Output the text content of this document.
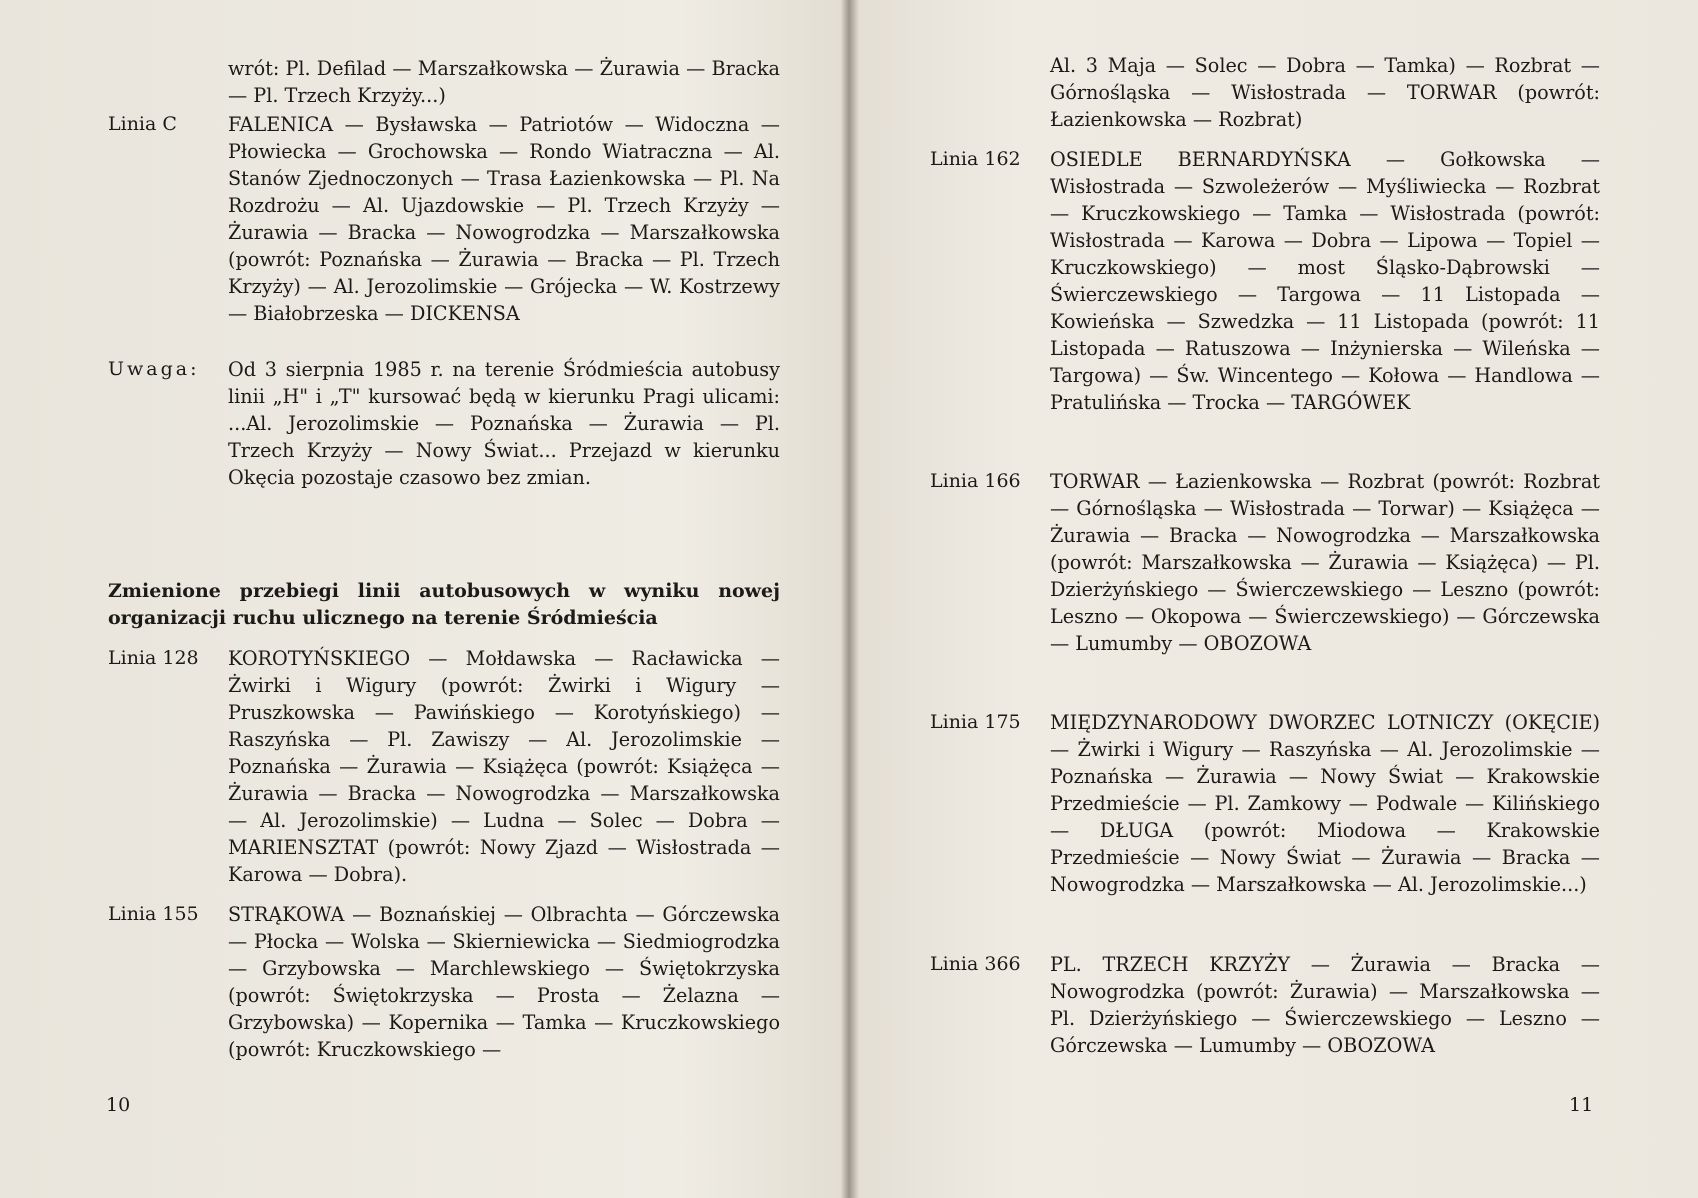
wrót: Pl. Defilad — Marszałkowska — Żurawia — Bracka — Pl. Trzech Krzyży...)
Linia C	FALENICA — Bysławska — Patriotów — Widoczna — Płowiecka — Grochowska — Rondo Wiatraczna — Al. Stanów Zjednoczonych — Trasa Łazienkowska — Pl. Na Rozdrożu — Al. Ujazdowskie — Pl. Trzech Krzyży — Żurawia — Bracka — Nowogrodzka — Marszałkowska (powrót: Poznańska — Żurawia — Bracka — Pl. Trzech Krzyży) — Al. Jerozolimskie — Grójecka — W. Kostrzewy — Białobrzeska — DICKENSA
Uwaga:	Od 3 sierpnia 1985 r. na terenie Śródmieścia autobusy linii „H" i „T" kursować będą w kierunku Pragi ulicami: ...Al. Jerozolimskie — Poznańska — Żurawia — Pl. Trzech Krzyży — Nowy Świat... Przejazd w kierunku Okęcia pozostaje czasowo bez zmian.
Zmienione przebiegi linii autobusowych w wyniku nowej organizacji ruchu ulicznego na terenie Śródmieścia
Linia 128	KOROTYŃSKIEGO — Mołdawska — Racławicka — Żwirki i Wigury (powrót: Żwirki i Wigury — Pruszkowska — Pawińskiego — Korotyńskiego) — Raszyńska — Pl. Zawiszy — Al. Jerozolimskie — Poznańska — Żurawia — Książęca (powrót: Książęca — Żurawia — Bracka — Nowogrodzka — Marszałkowska — Al. Jerozolimskie) — Ludna — Solec — Dobra — MARIENSZTAT (powrót: Nowy Zjazd — Wisłostrada — Karowa — Dobra).
Linia 155	STRĄKOWA — Boznańskiej — Olbrachta — Górczewska — Płocka — Wolska — Skierniewicka — Siedmiogrodzka — Grzybowska — Marchlewskiego — Świętokrzyska (powrót: Świętokrzyska — Prosta — Żelazna — Grzybowska) — Kopernika — Tamka — Kruczkowskiego (powrót: Kruczkowskiego —
10
Al. 3 Maja — Solec — Dobra — Tamka) — Rozbrat — Górnośląska — Wisłostrada — TORWAR (powrót: Łazienkowska — Rozbrat)
Linia 162	OSIEDLE BERNARDYŃSKA — Gołkowska — Wisłostrada — Szwoleżerów — Myśliwiecka — Rozbrat — Kruczkowskiego — Tamka — Wisłostrada (powrót: Wisłostrada — Karowa — Dobra — Lipowa — Topiel — Kruczkowskiego) — most Śląsko-Dąbrowski — Świerczewskiego — Targowa — 11 Listopada — Kowieńska — Szwedzka — 11 Listopada (powrót: 11 Listopada — Ratuszowa — Inżynierska — Wileńska — Targowa) — Św. Wincentego — Kołowa — Handlowa — Pratulińska — Trocka — TARGÓWEK
Linia 166	TORWAR — Łazienkowska — Rozbrat (powrót: Rozbrat — Górnośląska — Wisłostrada — Torwar) — Książęca — Żurawia — Bracka — Nowogrodzka — Marszałkowska (powrót: Marszałkowska — Żurawia — Książęca) — Pl. Dzierżyńskiego — Świerczewskiego — Leszno (powrót: Leszno — Okopowa — Świerczewskiego) — Górczewska — Lumumby — OBOZOWA
Linia 175	MIĘDZYNARODOWY DWORZEC LOTNICZY (OKĘCIE) — Żwirki i Wigury — Raszyńska — Al. Jerozolimskie — Poznańska — Żurawia — Nowy Świat — Krakowskie Przedmieście — Pl. Zamkowy — Podwale — Kilińskiego — DŁUGA (powrót: Miodowa — Krakowskie Przedmieście — Nowy Świat — Żurawia — Bracka — Nowogrodzka — Marszałkowska — Al. Jerozolimskie...)
Linia 366	PL. TRZECH KRZYŻY — Żurawia — Bracka — Nowogrodzka (powrót: Żurawia) — Marszałkowska — Pl. Dzierżyńskiego — Świerczewskiego — Leszno — Górczewska — Lumumby — OBOZOWA
11
